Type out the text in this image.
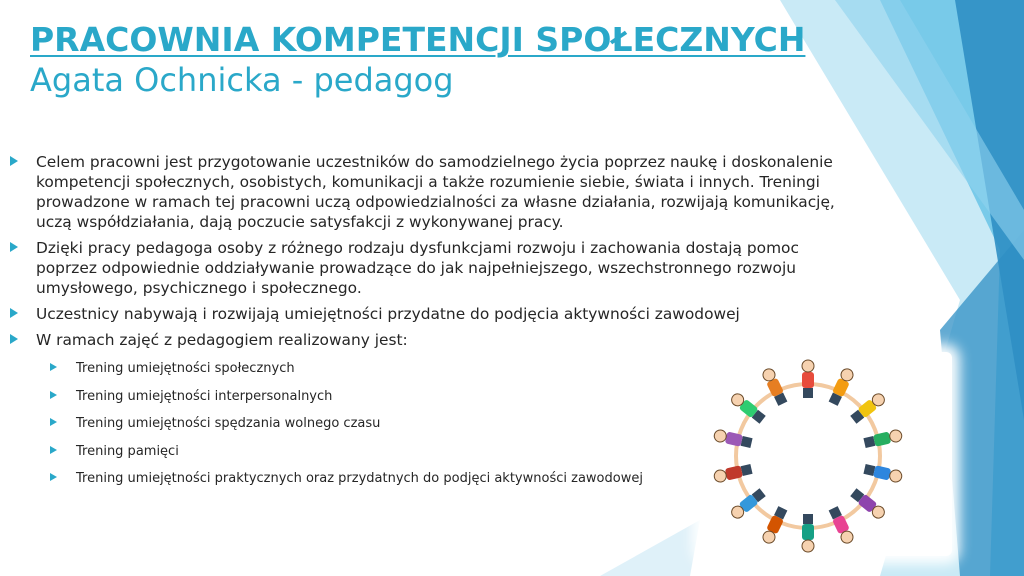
PRACOWNIA KOMPETENCJI SPOŁECZNYCH
Agata Ochnicka - pedagog
Celem pracowni jest przygotowanie uczestników do samodzielnego życia poprzez naukę i doskonalenie kompetencji społecznych, osobistych, komunikacji a także rozumienie siebie, świata i innych. Treningi prowadzone w ramach tej pracowni uczą odpowiedzialności za własne działania, rozwijają komunikację, uczą współdziałania, dają poczucie satysfakcji z wykonywanej pracy.
Dzięki pracy pedagoga osoby z różnego rodzaju dysfunkcjami rozwoju i zachowania dostają pomoc poprzez odpowiednie oddziaływanie prowadzące do jak najpełniejszego, wszechstronnego rozwoju umysłowego, psychicznego i społecznego.
Uczestnicy nabywają i rozwijają umiejętności przydatne do podjęcia aktywności zawodowej
W ramach zajęć z pedagogiem realizowany jest:
Trening umiejętności społecznych
Trening umiejętności interpersonalnych
Trening umiejętności spędzania wolnego czasu
Trening pamięci
Trening umiejętności praktycznych oraz przydatnych do podjęci aktywności zawodowej
